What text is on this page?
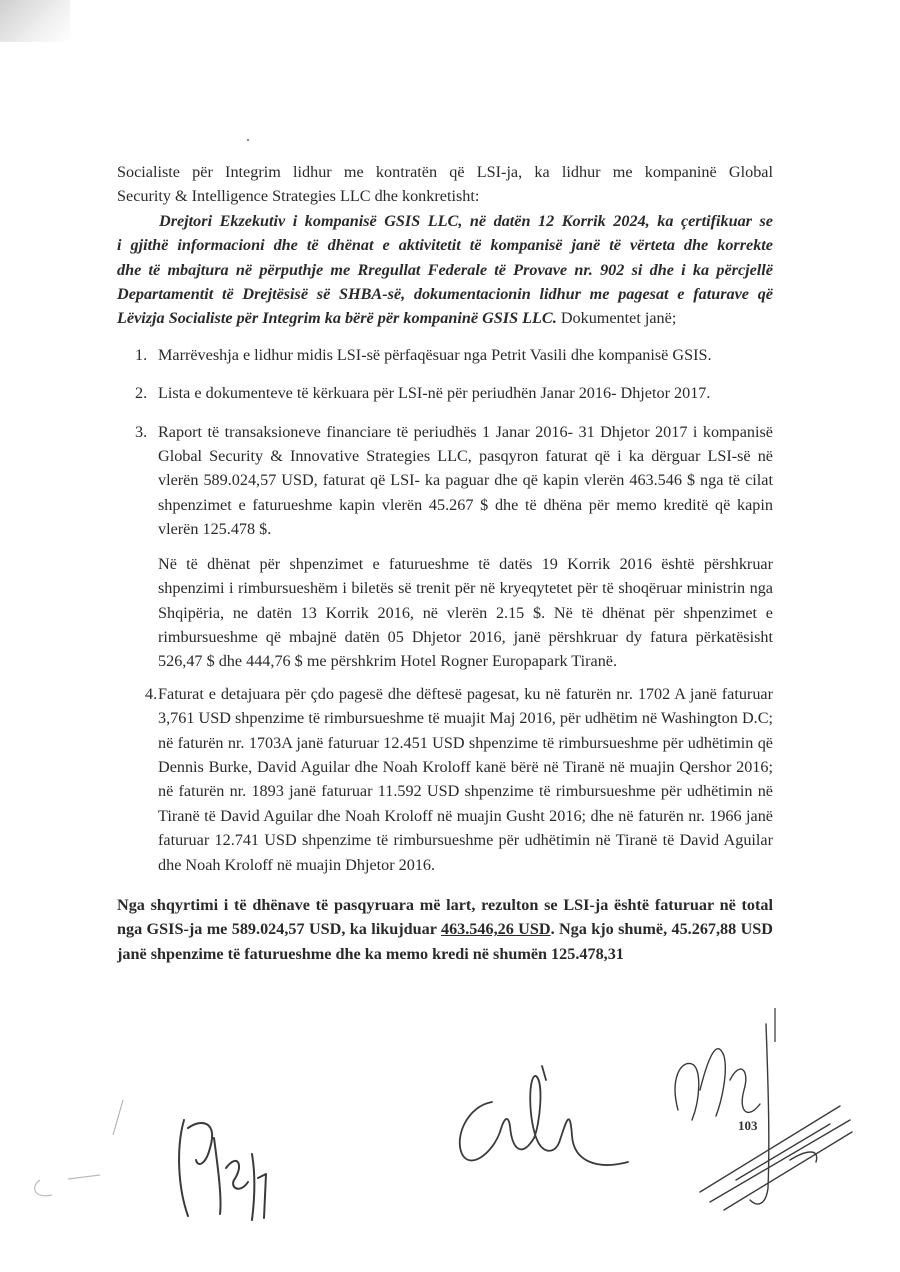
Socialiste për Integrim lidhur me kontratën që LSI-ja, ka lidhur me kompaninë Global

Security & Intelligence Strategies LLC dhe konkretisht:

Drejtori Ekzekutiv i kompanisë GSIS LLC, në datën 12 Korrik 2024, ka çertifikuar se

i gjithë informacioni dhe të dhënat e aktivitetit të kompanisë janë të vërteta dhe korrekte

dhe të mbajtura në përputhje me Rregullat Federale të Provave nr. 902 si dhe i ka përcjellë

Departamentit të Drejtësisë së SHBA-së, dokumentacionin lidhur me pagesat e faturave që

Lëvizja Socialiste për Integrim ka bërë për kompaninë GSIS LLC. Dokumentet janë;

1. Marrëveshja e lidhur midis LSI-së përfaqësuar nga Petrit Vasili dhe kompanisë GSIS.
2. Lista e dokumenteve të kërkuara për LSI-në për periudhën Janar 2016- Dhjetor 2017.
3. Raport të transaksioneve financiare të periudhës 1 Janar 2016- 31 Dhjetor 2017 i kompanisë Global Security & Innovative Strategies LLC, pasqyron faturat që i ka dërguar LSI-së në vlerën 589.024,57 USD, faturat që LSI- ka paguar dhe që kapin vlerën 463.546 $ nga të cilat shpenzimet e faturueshme kapin vlerën 45.267 $ dhe të dhëna për memo kreditë që kapin vlerën 125.478 $.

Në të dhënat për shpenzimet e faturueshme të datës 19 Korrik 2016 është përshkruar shpenzimi i rimbursueshëm i biletës së trenit për në kryeqytetet për të shoqëruar ministrin nga Shqipëria, ne datën 13 Korrik 2016, në vlerën 2.15 $. Në të dhënat për shpenzimet e rimbursueshme që mbajnë datën 05 Dhjetor 2016, janë përshkruar dy fatura përkatësisht 526,47 $ dhe 444,76 $ me përshkrim Hotel Rogner Europapark Tiranë.

4. Faturat e detajuara për çdo pagesë dhe dëftesë pagesat, ku në faturën nr. 1702 A janë faturuar 3,761 USD shpenzime të rimbursueshme të muajit Maj 2016, për udhëtim në Washington D.C; në faturën nr. 1703A janë faturuar 12.451 USD shpenzime të rimbursueshme për udhëtimin që Dennis Burke, David Aguilar dhe Noah Kroloff kanë bërë në Tiranë në muajin Qershor 2016; në faturën nr. 1893 janë faturuar 11.592 USD shpenzime të rimbursueshme për udhëtimin në Tiranë të David Aguilar dhe Noah Kroloff në muajin Gusht 2016; dhe në faturën nr. 1966 janë faturuar 12.741 USD shpenzime të rimbursueshme për udhëtimin në Tiranë të David Aguilar dhe Noah Kroloff në muajin Dhjetor 2016.

Nga shqyrtimi i të dhënave të pasqyruara më lart, rezulton se LSI-ja është faturuar në total nga GSIS-ja me 589.024,57 USD, ka likujduar 463.546,26 USD. Nga kjo shumë, 45.267,88 USD janë shpenzime të faturueshme dhe ka memo kredi në shumën 125.478,31

103
